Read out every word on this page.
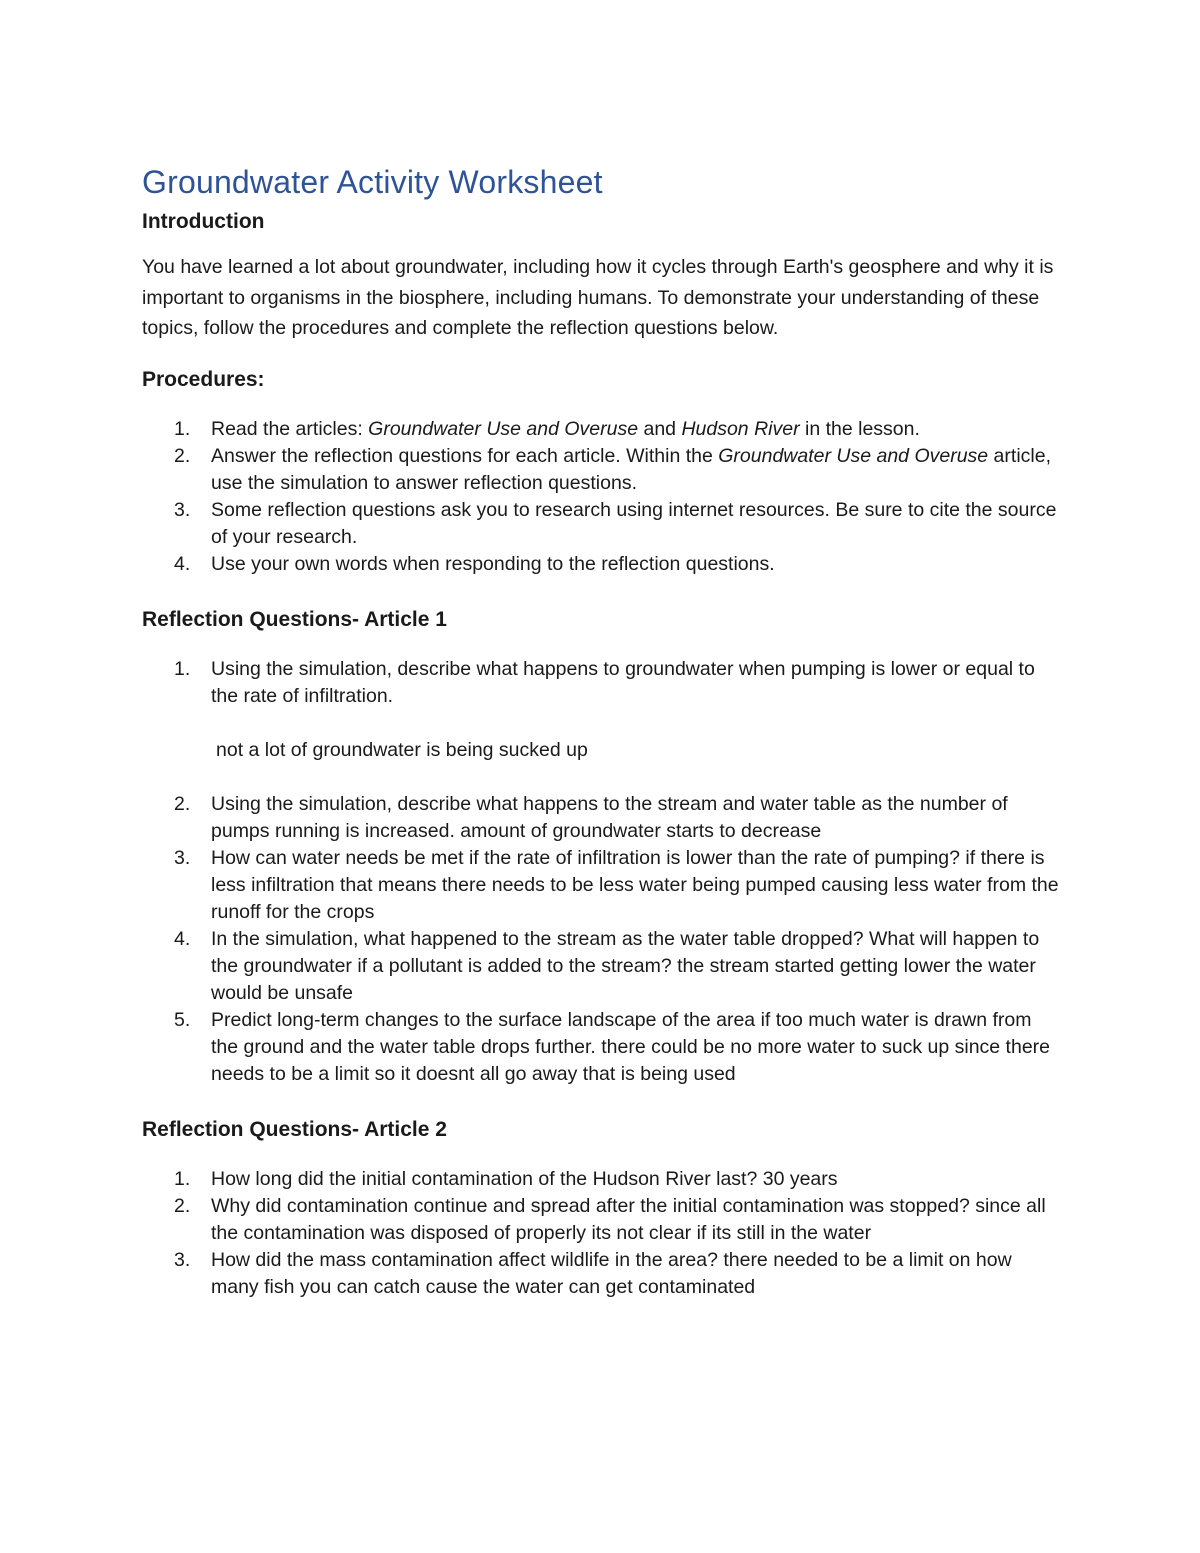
Groundwater Activity Worksheet
Introduction

You have learned a lot about groundwater, including how it cycles through Earth's geosphere and why it is important to organisms in the biosphere, including humans. To demonstrate your understanding of these topics, follow the procedures and complete the reflection questions below.

Procedures:
1. Read the articles: Groundwater Use and Overuse and Hudson River in the lesson.
2. Answer the reflection questions for each article. Within the Groundwater Use and Overuse article, use the simulation to answer reflection questions.
3. Some reflection questions ask you to research using internet resources. Be sure to cite the source of your research.
4. Use your own words when responding to the reflection questions.
Reflection Questions- Article 1
1. Using the simulation, describe what happens to groundwater when pumping is lower or equal to the rate of infiltration.
not a lot of groundwater is being sucked up
2. Using the simulation, describe what happens to the stream and water table as the number of pumps running is increased. amount of groundwater starts to decrease
3. How can water needs be met if the rate of infiltration is lower than the rate of pumping? if there is less infiltration that means there needs to be less water being pumped causing less water from the runoff for the crops
4. In the simulation, what happened to the stream as the water table dropped? What will happen to the groundwater if a pollutant is added to the stream? the stream started getting lower the water would be unsafe
5. Predict long-term changes to the surface landscape of the area if too much water is drawn from the ground and the water table drops further. there could be no more water to suck up since there needs to be a limit so it doesnt all go away that is being used
Reflection Questions- Article 2
1. How long did the initial contamination of the Hudson River last? 30 years
2. Why did contamination continue and spread after the initial contamination was stopped? since all the contamination was disposed of properly its not clear if its still in the water
3. How did the mass contamination affect wildlife in the area? there needed to be a limit on how many fish you can catch cause the water can get contaminated
